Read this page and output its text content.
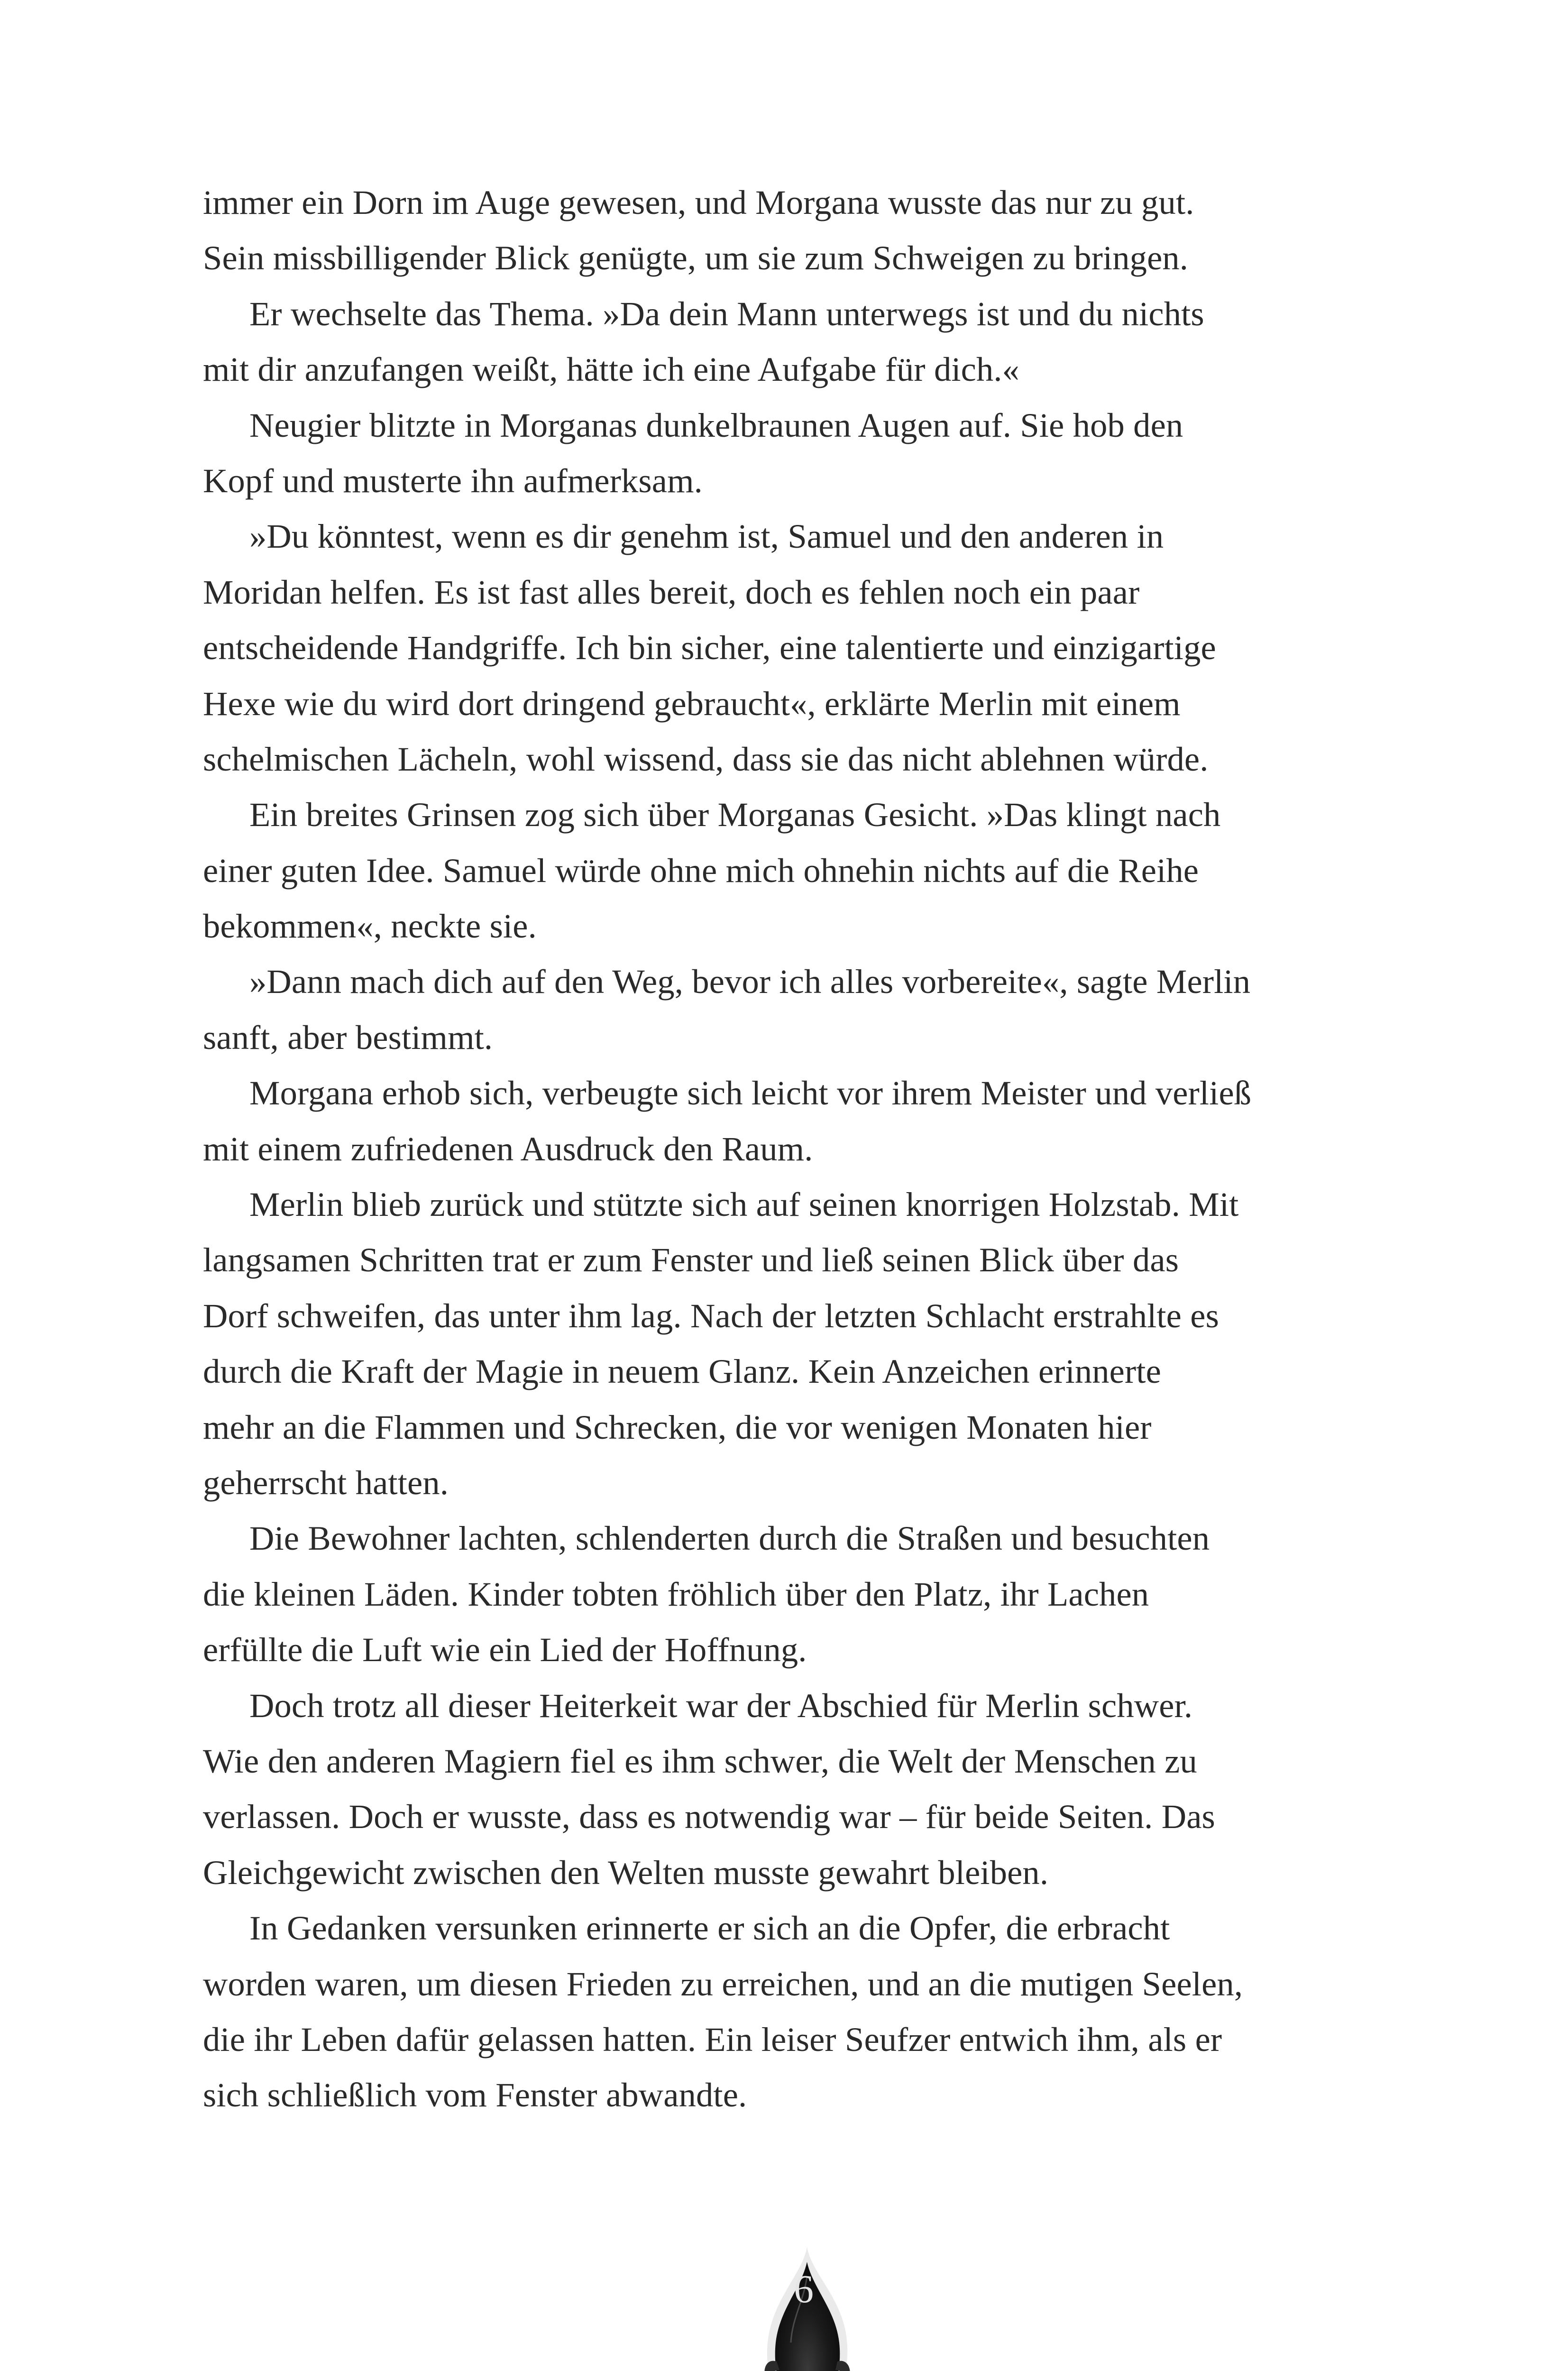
immer ein Dorn im Auge gewesen, und Morgana wusste das nur zu gut.
Sein missbilligender Blick genügte, um sie zum Schweigen zu bringen.
Er wechselte das Thema. »Da dein Mann unterwegs ist und du nichts
mit dir anzufangen weißt, hätte ich eine Aufgabe für dich.«
Neugier blitzte in Morganas dunkelbraunen Augen auf. Sie hob den
Kopf und musterte ihn aufmerksam.
»Du könntest, wenn es dir genehm ist, Samuel und den anderen in
Moridan helfen. Es ist fast alles bereit, doch es fehlen noch ein paar
entscheidende Handgriffe. Ich bin sicher, eine talentierte und einzigartige
Hexe wie du wird dort dringend gebraucht«, erklärte Merlin mit einem
schelmischen Lächeln, wohl wissend, dass sie das nicht ablehnen würde.
Ein breites Grinsen zog sich über Morganas Gesicht. »Das klingt nach
einer guten Idee. Samuel würde ohne mich ohnehin nichts auf die Reihe
bekommen«, neckte sie.
»Dann mach dich auf den Weg, bevor ich alles vorbereite«, sagte Merlin
sanft, aber bestimmt.
Morgana erhob sich, verbeugte sich leicht vor ihrem Meister und verließ
mit einem zufriedenen Ausdruck den Raum.
Merlin blieb zurück und stützte sich auf seinen knorrigen Holzstab. Mit
langsamen Schritten trat er zum Fenster und ließ seinen Blick über das
Dorf schweifen, das unter ihm lag. Nach der letzten Schlacht erstrahlte es
durch die Kraft der Magie in neuem Glanz. Kein Anzeichen erinnerte
mehr an die Flammen und Schrecken, die vor wenigen Monaten hier
geherrscht hatten.
Die Bewohner lachten, schlenderten durch die Straßen und besuchten
die kleinen Läden. Kinder tobten fröhlich über den Platz, ihr Lachen
erfüllte die Luft wie ein Lied der Hoffnung.
Doch trotz all dieser Heiterkeit war der Abschied für Merlin schwer.
Wie den anderen Magiern fiel es ihm schwer, die Welt der Menschen zu
verlassen. Doch er wusste, dass es notwendig war – für beide Seiten. Das
Gleichgewicht zwischen den Welten musste gewahrt bleiben.
In Gedanken versunken erinnerte er sich an die Opfer, die erbracht
worden waren, um diesen Frieden zu erreichen, und an die mutigen Seelen,
die ihr Leben dafür gelassen hatten. Ein leiser Seufzer entwich ihm, als er
sich schließlich vom Fenster abwandte.
6
